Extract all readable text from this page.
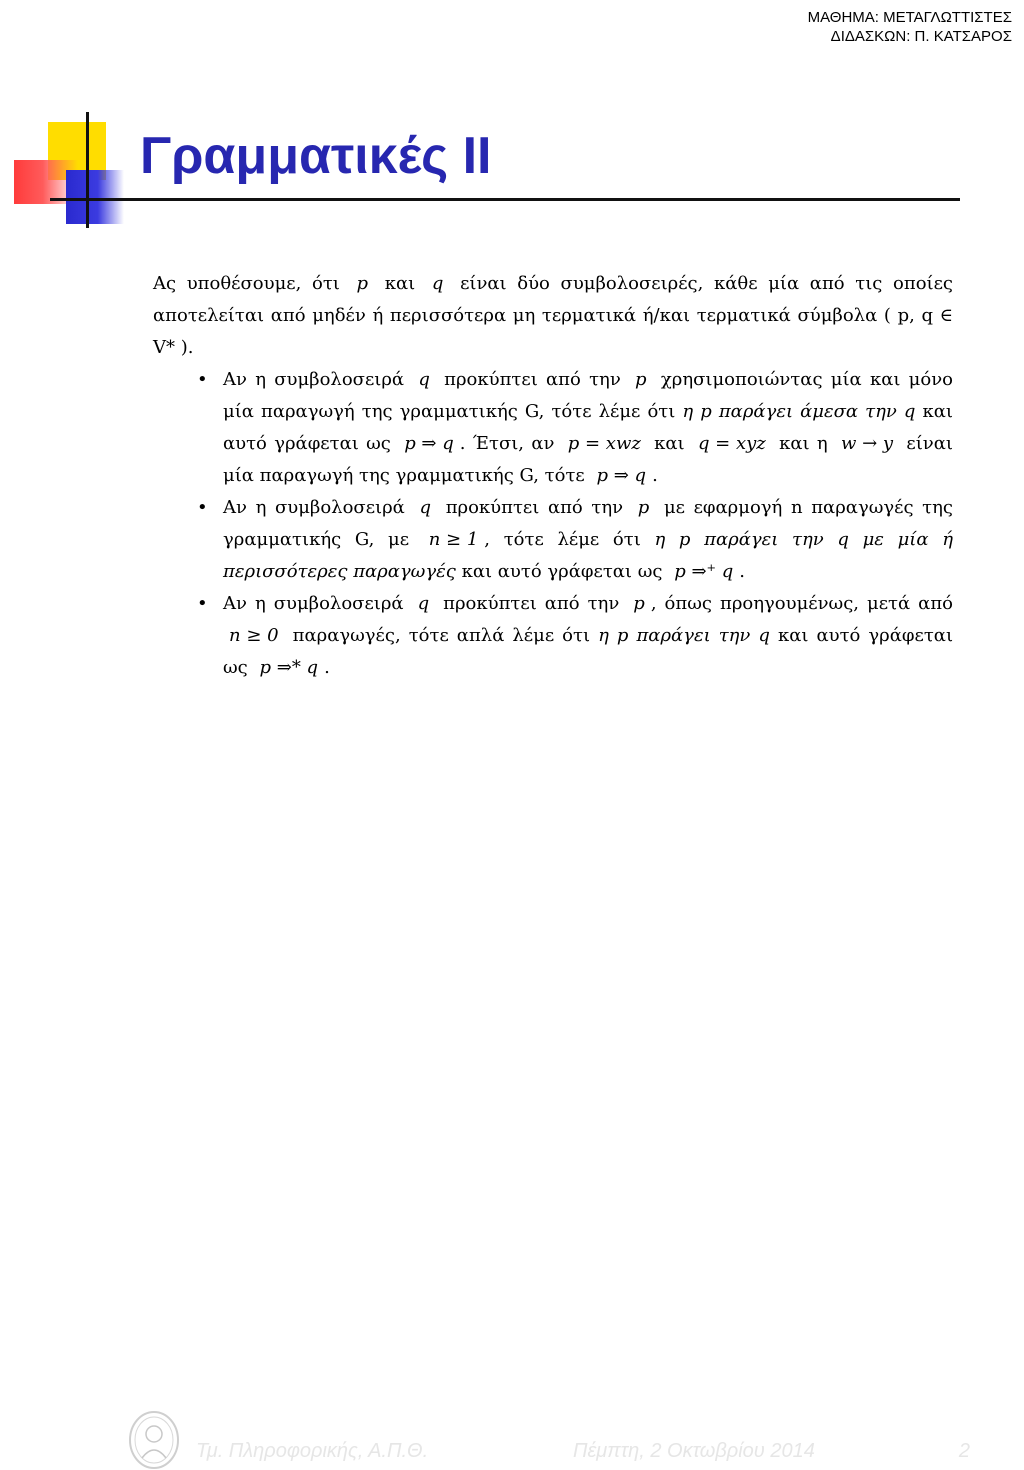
ΜΑΘΗΜΑ: ΜΕΤΑΓΛΩΤΤΙΣΤΕΣ
ΔΙΔΑΣΚΩΝ: Π. ΚΑΤΣΑΡΟΣ
Γραμματικές ΙΙ

Ας υποθέσουμε, ότι p και q είναι δύο συμβολοσειρές, κάθε μία από τις οποίες αποτελείται από μηδέν ή περισσότερα μη τερματικά ή/και τερματικά σύμβολα ( p, q ∈ V* ).

• Αν η συμβολοσειρά q προκύπτει από την p χρησιμοποιώντας μία και μόνο μία παραγωγή της γραμματικής G, τότε λέμε ότι η p παράγει άμεσα την q και αυτό γράφεται ως p ⇒ q . Έτσι, αν p = xwz και q = xyz και η w → y είναι μία παραγωγή της γραμματικής G, τότε p ⇒ q .
• Αν η συμβολοσειρά q προκύπτει από την p με εφαρμογή n παραγωγές της γραμματικής G, με n ≥ 1 , τότε λέμε ότι η p παράγει την q με μία ή περισσότερες παραγωγές και αυτό γράφεται ως p ⇒⁺ q .
• Αν η συμβολοσειρά q προκύπτει από την p , όπως προηγουμένως, μετά από n ≥ 0 παραγωγές, τότε απλά λέμε ότι η p παράγει την q και αυτό γράφεται ως p ⇒* q .
Τμ. Πληροφορικής, Α.Π.Θ.	Πέμπτη, 2 Οκτωβρίου 2014	2
